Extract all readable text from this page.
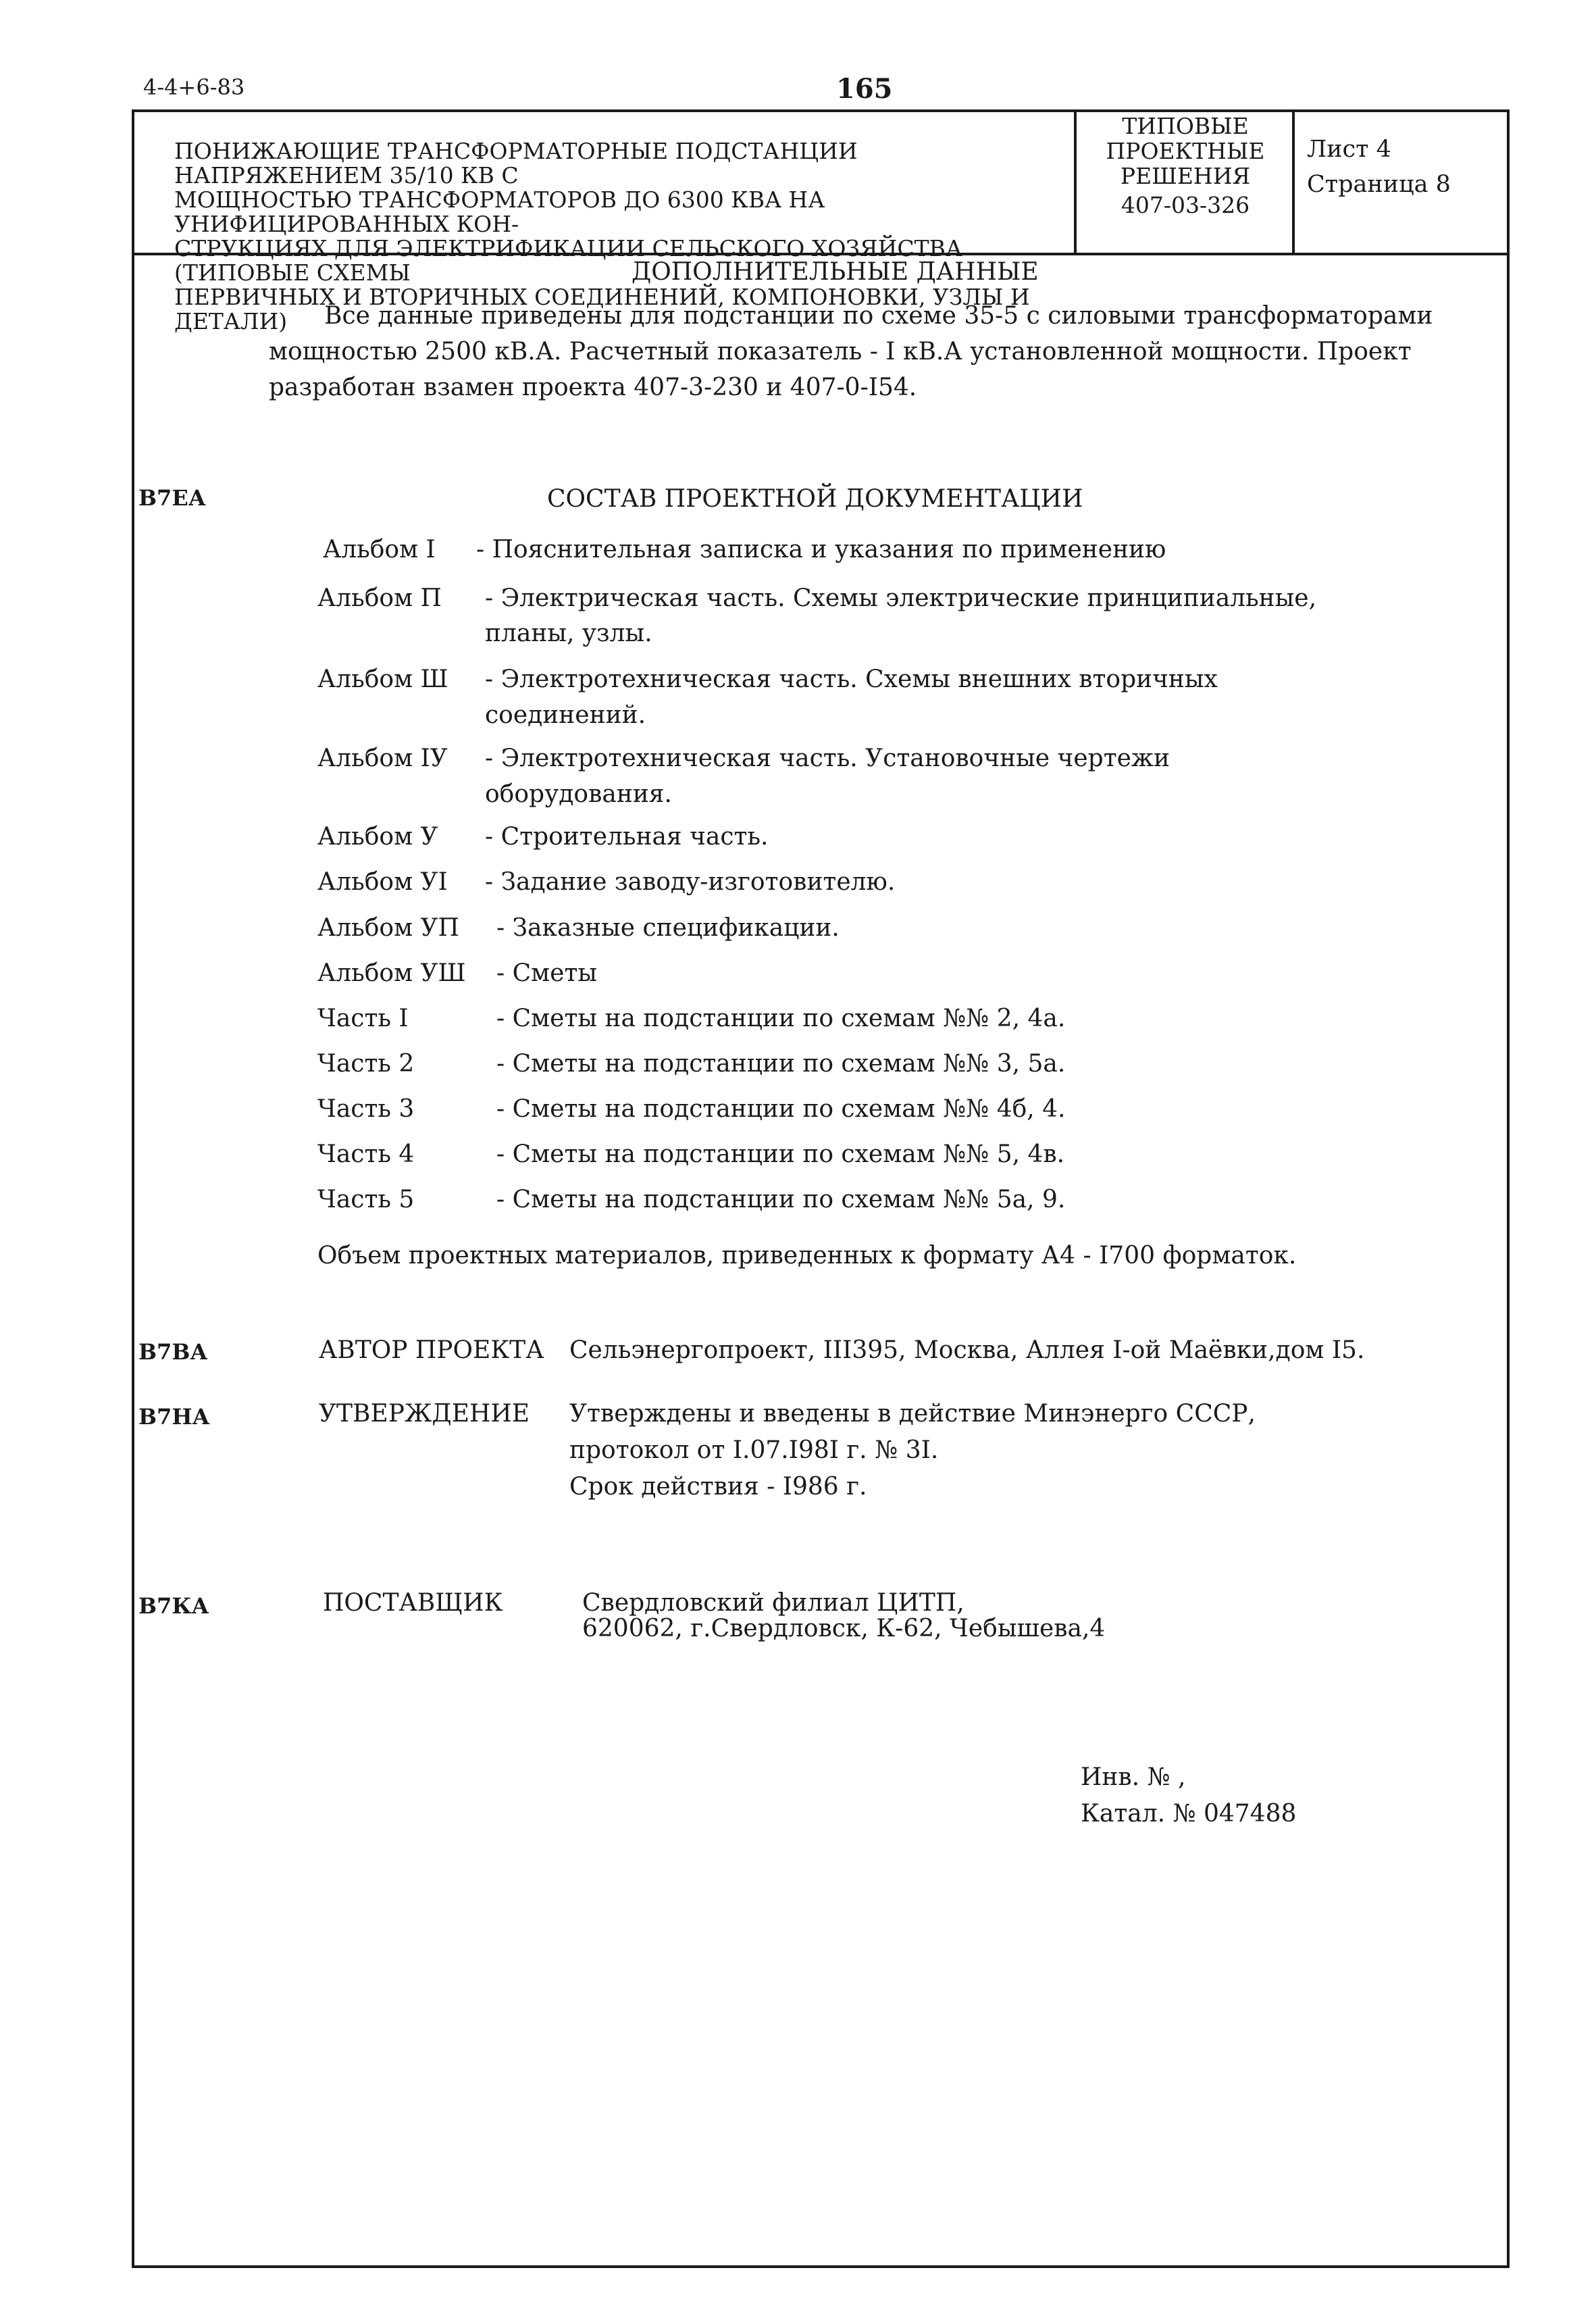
4-4+6-83	165
ПОНИЖАЮЩИЕ ТРАНСФОРМАТОРНЫЕ ПОДСТАНЦИИ НАПРЯЖЕНИЕМ 35/10 КВ С
МОЩНОСТЬЮ ТРАНСФОРМАТОРОВ ДО 6300 КВА НА УНИФИЦИРОВАННЫХ КОН-
СТРУКЦИЯХ ДЛЯ ЭЛЕКТРИФИКАЦИИ СЕЛЬСКОГО ХОЗЯЙСТВА (ТИПОВЫЕ СХЕМЫ
ПЕРВИЧНЫХ И ВТОРИЧНЫХ СОЕДИНЕНИЙ, КОМПОНОВКИ, УЗЛЫ И ДЕТАЛИ)
ТИПОВЫЕ
ПРОЕКТНЫЕ
РЕШЕНИЯ
407-03-326
Лист 4
Страница 8
ДОПОЛНИТЕЛЬНЫЕ ДАННЫЕ
Все данные приведены для подстанции по схеме 35-5 с силовыми трансформаторами
мощностью 2500 кВ.А. Расчетный показатель - I кВ.А установленной мощности. Проект
разработан взамен проекта 407-3-230 и 407-0-I54.
В7ЕА	СОСТАВ ПРОЕКТНОЙ ДОКУМЕНТАЦИИ
Альбом I - Пояснительная записка и указания по применению
Альбом П - Электрическая часть. Схемы электрические принципиальные,
планы, узлы.
Альбом Ш - Электротехническая часть. Схемы внешних вторичных
соединений.
Альбом IУ - Электротехническая часть. Установочные чертежи
оборудования.
Альбом У - Строительная часть.
Альбом УI - Задание заводу-изготовителю.
Альбом УП - Заказные спецификации.
Альбом УШ - Сметы
Часть I	- Сметы на подстанции по схемам №№ 2, 4а.
Часть 2	- Сметы на подстанции по схемам №№ 3, 5а.
Часть 3	- Сметы на подстанции по схемам №№ 4б, 4.
Часть 4	- Сметы на подстанции по схемам №№ 5, 4в.
Часть 5	- Сметы на подстанции по схемам №№ 5а, 9.
Объем проектных материалов, приведенных к формату А4 - I700 форматок.
В7ВА	АВТОР ПРОЕКТА Сельэнергопроект, III395, Москва, Аллея I-ой Маёвки,дом I5.
В7НА	УТВЕРЖДЕНИЕ Утверждены и введены в действие Минэнерго СССР,
протокол от I.07.I98I г. № 3I.
Срок действия - I986 г.
В7КА	ПОСТАВЩИК	Свердловский филиал ЦИТП,
620062, г.Свердловск, К-62, Чебышева,4
Инв. № ,
Катал. № 047488
